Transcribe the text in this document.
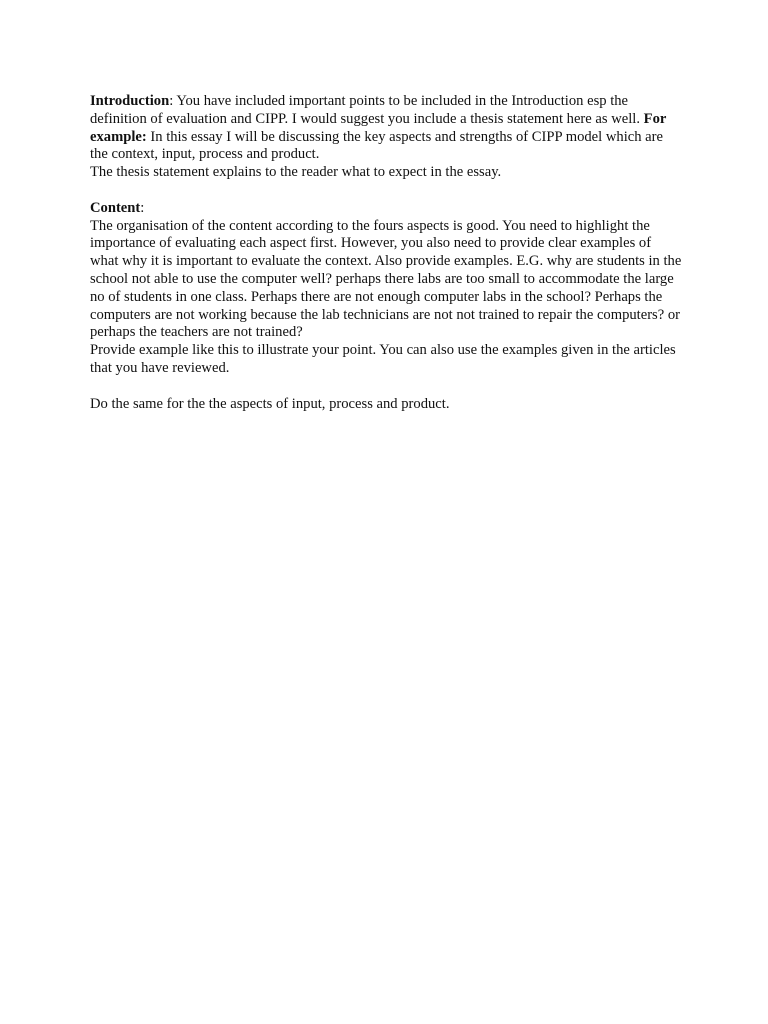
Introduction: You have included important points to be included in the Introduction esp the definition of evaluation and CIPP. I would suggest you include a thesis statement here as well. For example: In this essay I will be discussing the key aspects and strengths of CIPP model which are the context, input, process and product.

The thesis statement explains to the reader what to expect in the essay.

Content:

The organisation of the content according to the fours aspects is good. You need to highlight the importance of evaluating each aspect first. However, you also need to provide clear examples of what why it is important to evaluate the context. Also provide examples. E.G. why are students in the school not able to use the computer well? perhaps there labs are too small to accommodate the large no of students in one class. Perhaps there are not enough computer labs in the school? Perhaps the computers are not working because the lab technicians are not not trained to repair the computers? or perhaps the teachers are not trained?

Provide example like this to illustrate your point. You can also use the examples given in the articles that you have reviewed.

Do the same for the the aspects of input, process and product.
